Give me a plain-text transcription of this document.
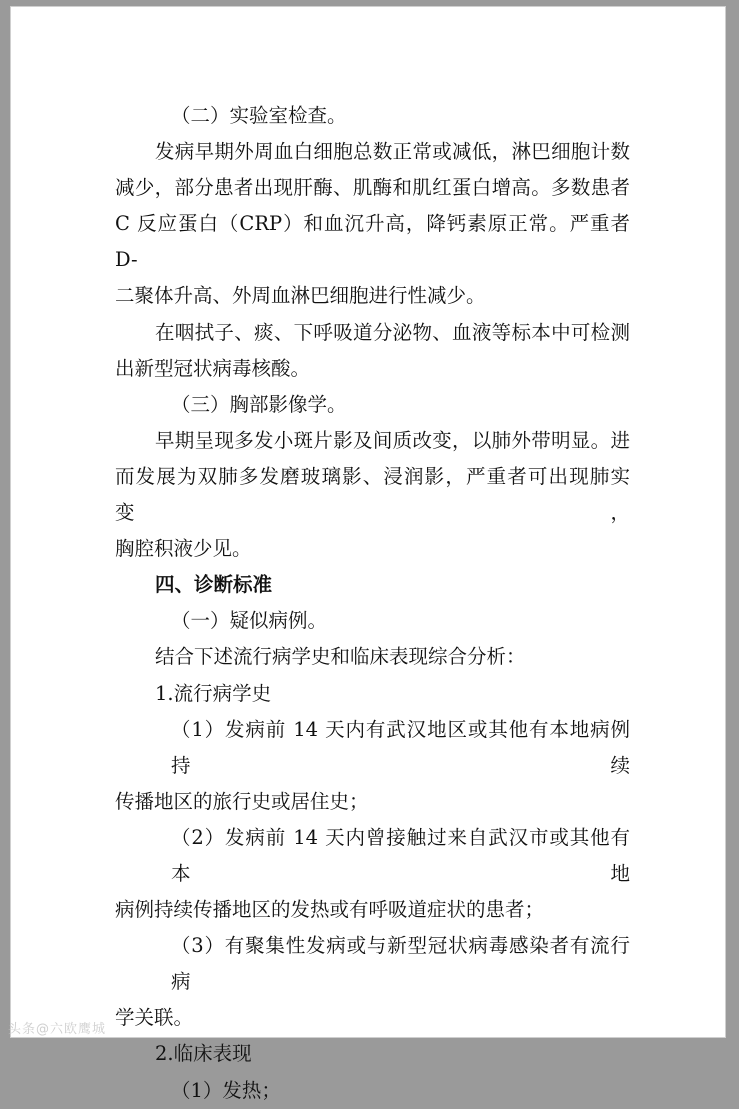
（二）实验室检查。
发病早期外周血白细胞总数正常或减低，淋巴细胞计数
减少，部分患者出现肝酶、肌酶和肌红蛋白增高。多数患者
C 反应蛋白（CRP）和血沉升高，降钙素原正常。严重者 D-
二聚体升高、外周血淋巴细胞进行性减少。
在咽拭子、痰、下呼吸道分泌物、血液等标本中可检测
出新型冠状病毒核酸。
（三）胸部影像学。
早期呈现多发小斑片影及间质改变，以肺外带明显。进
而发展为双肺多发磨玻璃影、浸润影，严重者可出现肺实变，
胸腔积液少见。
四、诊断标准
（一）疑似病例。
结合下述流行病学史和临床表现综合分析：
1.流行病学史
（1）发病前 14 天内有武汉地区或其他有本地病例持续
传播地区的旅行史或居住史；
（2）发病前 14 天内曾接触过来自武汉市或其他有本地
病例持续传播地区的发热或有呼吸道症状的患者；
（3）有聚集性发病或与新型冠状病毒感染者有流行病
学关联。
2.临床表现
（1）发热；
头条@六欧鹰城
